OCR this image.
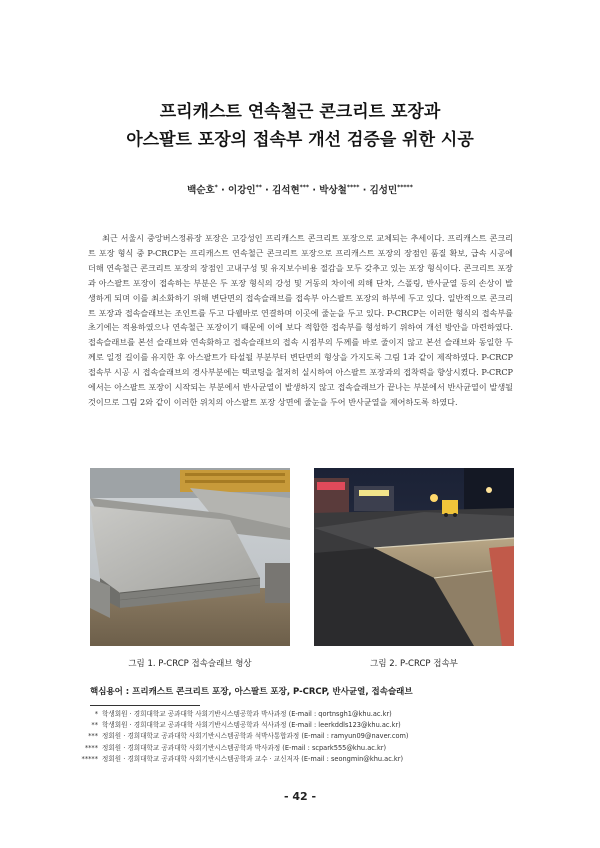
프리캐스트 연속철근 콘크리트 포장과
아스팔트 포장의 접속부 개선 검증을 위한 시공
백순호* · 이강인** · 김석현*** · 박상철**** · 김성민*****

최근 서울시 중앙버스정류장 포장은 고강성인 프리캐스트 콘크리트 포장으로 교체되는 추세이다. 프리캐스트 콘크리트 포장 형식 중 P-CRCP는 프리캐스트 연속철근 콘크리트 포장으로 프리캐스트 포장의 장점인 품질 확보, 급속 시공에 더해 연속철근 콘크리트 포장의 장점인 고내구성 및 유지보수비용 절감을 모두 갖추고 있는 포장 형식이다. 콘크리트 포장과 아스팔트 포장이 접속하는 부분은 두 포장 형식의 강성 및 거동의 차이에 의해 단차, 스폴링, 반사균열 등의 손상이 발생하게 되며 이를 최소화하기 위해 변단면의 접속슬래브를 접속부 아스팔트 포장의 하부에 두고 있다. 일반적으로 콘크리트 포장과 접속슬래브는 조인트를 두고 다웰바로 연결하며 이곳에 줄눈을 두고 있다. P-CRCP는 이러한 형식의 접속부를 초기에는 적용하였으나 연속철근 포장이기 때문에 이에 보다 적합한 접속부를 형성하기 위하여 개선 방안을 마련하였다. 접속슬래브를 본선 슬래브와 연속화하고 접속슬래브의 접속 시점부의 두께를 바로 줄이지 않고 본선 슬래브와 동일한 두께로 일정 길이를 유지한 후 아스팔트가 타설될 부분부터 변단면의 형상을 가지도록 그림 1과 같이 제작하였다. P-CRCP 접속부 시공 시 접속슬래브의 경사부분에는 택코팅을 철저히 실시하여 아스팔트 포장과의 접착력을 향상시켰다. P-CRCP에서는 아스팔트 포장이 시작되는 부분에서 반사균열이 발생하지 않고 접속슬래브가 끝나는 부분에서 반사균열이 발생될 것이므로 그림 2와 같이 이러한 위치의 아스팔트 포장 상면에 줄눈을 두어 반사균열을 제어하도록 하였다.

그림 1. P-CRCP 접속슬래브 형상	그림 2. P-CRCP 접속부
핵심용어 : 프리캐스트 콘크리트 포장, 아스팔트 포장, P-CRCP, 반사균열, 접속슬래브
* 학생회원 · 경희대학교 공과대학 사회기반시스템공학과 박사과정 (E-mail : qortnsgh1@khu.ac.kr)
** 학생회원 · 경희대학교 공과대학 사회기반시스템공학과 석사과정 (E-mail : leerkddls123@khu.ac.kr)
*** 정회원 · 경희대학교 공과대학 사회기반시스템공학과 석박사통합과정 (E-mail : ramyun09@naver.com)
**** 정회원 · 경희대학교 공과대학 사회기반시스템공학과 박사과정 (E-mail : scpark555@khu.ac.kr)
***** 정회원 · 경희대학교 공과대학 사회기반시스템공학과 교수 · 교신저자 (E-mail : seongmin@khu.ac.kr)
- 42 -
